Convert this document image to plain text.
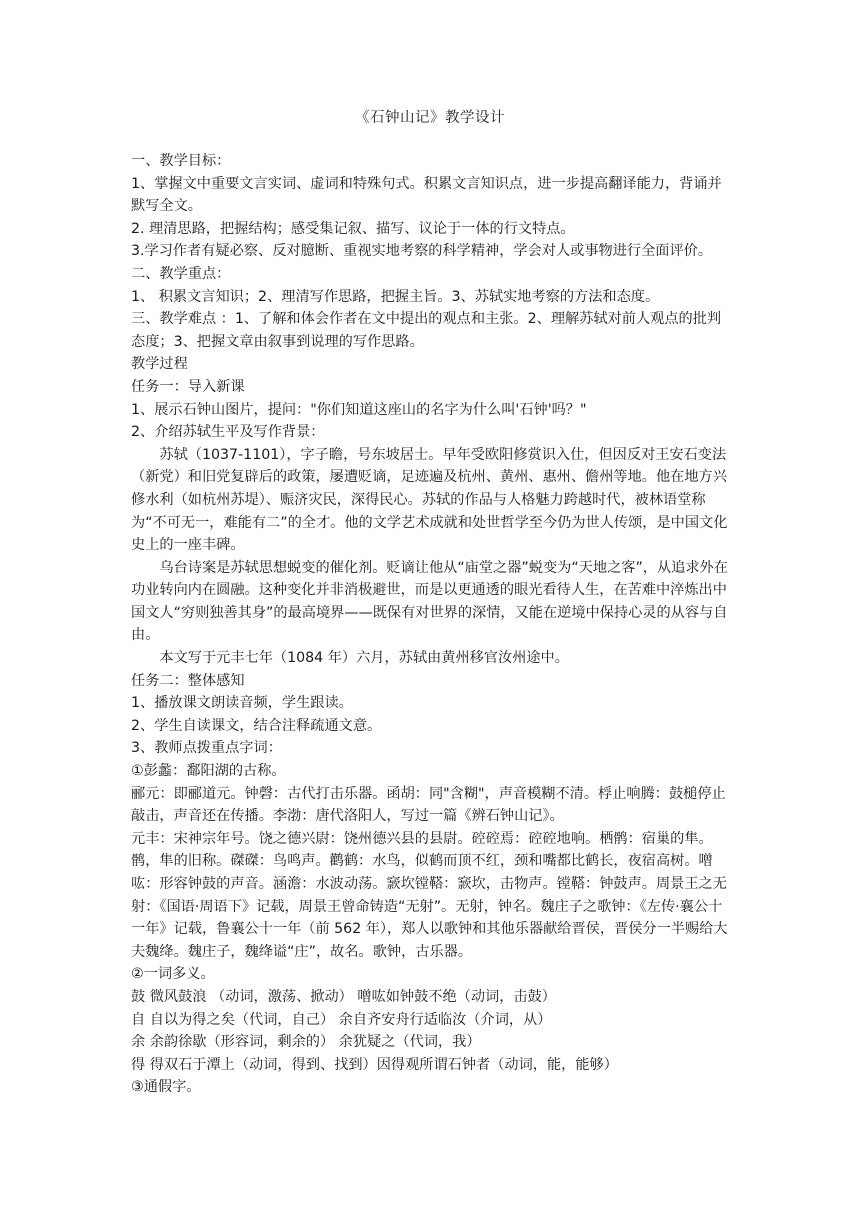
《石钟山记》教学设计

一、教学目标：

1、掌握文中重要文言实词、虚词和特殊句式。积累文言知识点，进一步提高翻译能力，背诵并默写全文。

2. 理清思路，把握结构；感受集记叙、描写、议论于一体的行文特点。

3.学习作者有疑必察、反对臆断、重视实地考察的科学精神，学会对人或事物进行全面评价。

二、教学重点：

1、 积累文言知识；2、理清写作思路，把握主旨。3、苏轼实地考察的方法和态度。

三、教学难点 ：1、了解和体会作者在文中提出的观点和主张。2、理解苏轼对前人观点的批判态度；3、把握文章由叙事到说理的写作思路。

教学过程

任务一：导入新课

1、展示石钟山图片，提问："你们知道这座山的名字为什么叫'石钟'吗？"

2、介绍苏轼生平及写作背景：

苏轼（1037-1101），字子瞻，号东坡居士。早年受欧阳修赏识入仕，但因反对王安石变法（新党）和旧党复辟后的政策，屡遭贬谪，足迹遍及杭州、黄州、惠州、儋州等地。他在地方兴修水利（如杭州苏堤）、赈济灾民，深得民心。苏轼的作品与人格魅力跨越时代，被林语堂称为“不可无一，难能有二”的全才。他的文学艺术成就和处世哲学至今仍为世人传颂，是中国文化史上的一座丰碑。

乌台诗案是苏轼思想蜕变的催化剂。贬谪让他从“庙堂之器”蜕变为“天地之客”，从追求外在功业转向内在圆融。这种变化并非消极避世，而是以更通透的眼光看待人生，在苦难中淬炼出中国文人“穷则独善其身”的最高境界——既保有对世界的深情，又能在逆境中保持心灵的从容与自由。

本文写于元丰七年（1084 年）六月，苏轼由黄州移官汝州途中。

任务二：整体感知

1、播放课文朗读音频，学生跟读。

2、学生自读课文，结合注释疏通文意。

3、教师点拨重点字词：

①彭蠡：鄱阳湖的古称。

郦元：即郦道元。钟磬：古代打击乐器。函胡：同"含糊"，声音模糊不清。桴止响腾：鼓槌停止敲击，声音还在传播。李渤：唐代洛阳人，写过一篇《辨石钟山记》。

元丰：宋神宗年号。饶之德兴尉：饶州德兴县的县尉。硿硿焉：硿硿地响。栖鹘：宿巢的隼。鹘，隼的旧称。磔磔：鸟鸣声。鹳鹤：水鸟，似鹤而顶不红，颈和嘴都比鹤长，夜宿高树。噌吰：形容钟鼓的声音。涵澹：水波动荡。窾坎镗鞳：窾坎，击物声。镗鞳：钟鼓声。周景王之无射：《国语·周语下》记载，周景王曾命铸造“无射”。无射，钟名。魏庄子之歌钟：《左传·襄公十一年》记载，鲁襄公十一年（前 562 年），郑人以歌钟和其他乐器献给晋侯，晋侯分一半赐给大夫魏绛。魏庄子，魏绛谥“庄”，故名。歌钟，古乐器。

②一词多义。

鼓 微风鼓浪 （动词，激荡、掀动） 噌吰如钟鼓不绝（动词，击鼓）

自 自以为得之矣（代词，自己） 余自齐安舟行适临汝（介词，从）

余 余韵徐歇（形容词，剩余的） 余犹疑之（代词，我）

得 得双石于潭上（动词，得到、找到）因得观所谓石钟者（动词，能，能够）

③通假字。
